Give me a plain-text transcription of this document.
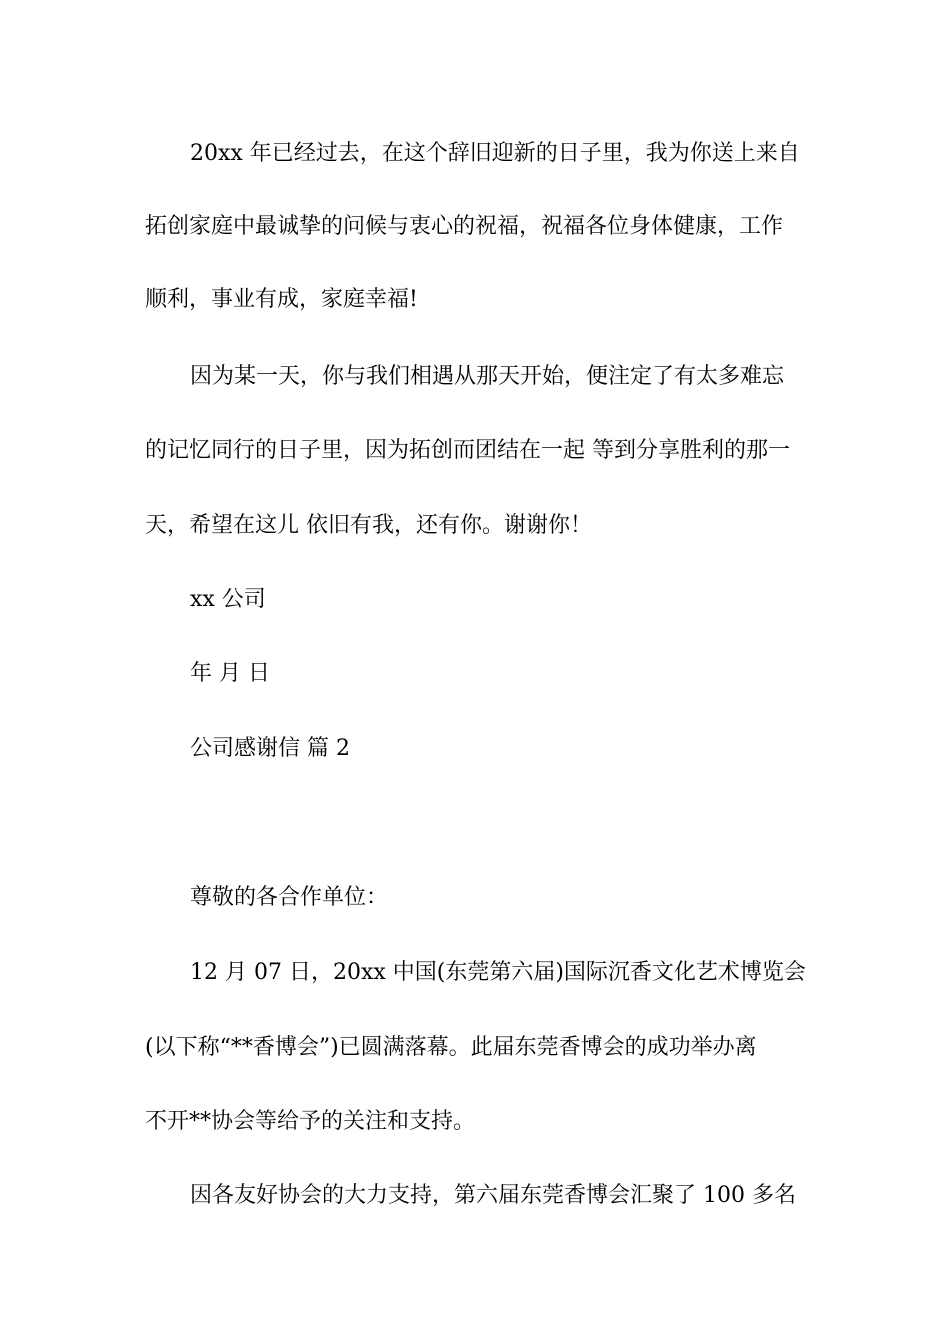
20xx 年已经过去，在这个辞旧迎新的日子里，我为你送上来自
拓创家庭中最诚挚的问候与衷心的祝福，祝福各位身体健康，工作
顺利，事业有成，家庭幸福!
因为某一天，你与我们相遇从那天开始，便注定了有太多难忘
的记忆同行的日子里，因为拓创而团结在一起 等到分享胜利的那一
天，希望在这儿 依旧有我，还有你。谢谢你！
xx 公司
年 月 日
公司感谢信 篇 2
尊敬的各合作单位：
12 月 07 日，20xx 中国(东莞第六届)国际沉香文化艺术博览会
(以下称“**香博会”)已圆满落幕。此届东莞香博会的成功举办离
不开**协会等给予的关注和支持。
因各友好协会的大力支持，第六届东莞香博会汇聚了 100 多名
